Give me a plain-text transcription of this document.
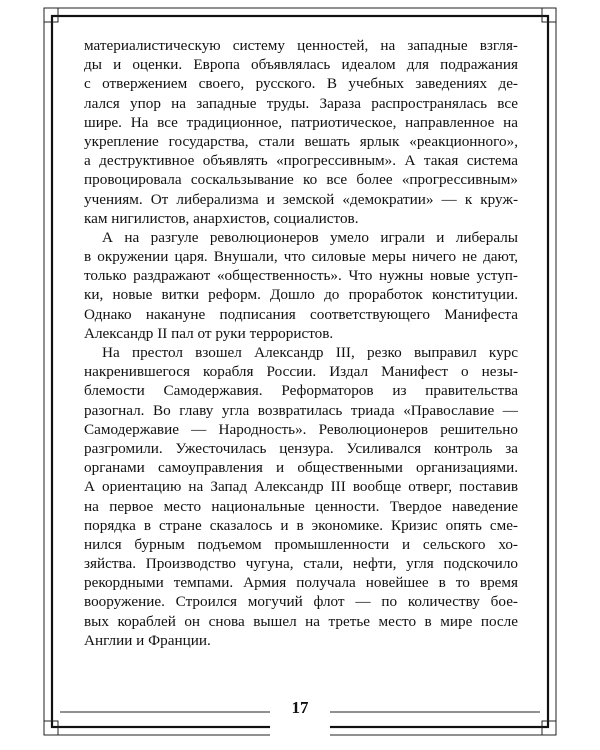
материалистическую систему ценностей, на западные взгля-
ды и оценки. Европа объявлялась идеалом для подражания
с отвержением своего, русского. В учебных заведениях де-
лался упор на западные труды. Зараза распространялась все
шире. На все традиционное, патриотическое, направленное на
укрепление государства, стали вешать ярлык «реакционного»,
а деструктивное объявлять «прогрессивным». А такая система
провоцировала соскальзывание ко все более «прогрессивным»
учениям. От либерализма и земской «демократии» — к круж-
кам нигилистов, анархистов, социалистов.
А на разгуле революционеров умело играли и либералы
в окружении царя. Внушали, что силовые меры ничего не дают,
только раздражают «общественность». Что нужны новые уступ-
ки, новые витки реформ. Дошло до проработок конституции.
Однако накануне подписания соответствующего Манифеста
Александр II пал от руки террористов.
На престол взошел Александр III, резко выправил курс
накренившегося корабля России. Издал Манифест о незы-
блемости Самодержавия. Реформаторов из правительства
разогнал. Во главу угла возвратилась триада «Православие —
Самодержавие — Народность». Революционеров решительно
разгромили. Ужесточилась цензура. Усиливался контроль за
органами самоуправления и общественными организациями.
А ориентацию на Запад Александр III вообще отверг, поставив
на первое место национальные ценности. Твердое наведение
порядка в стране сказалось и в экономике. Кризис опять сме-
нился бурным подъемом промышленности и сельского хо-
зяйства. Производство чугуна, стали, нефти, угля подскочило
рекордными темпами. Армия получала новейшее в то время
вооружение. Строился могучий флот — по количеству бое-
вых кораблей он снова вышел на третье место в мире после
Англии и Франции.
17
